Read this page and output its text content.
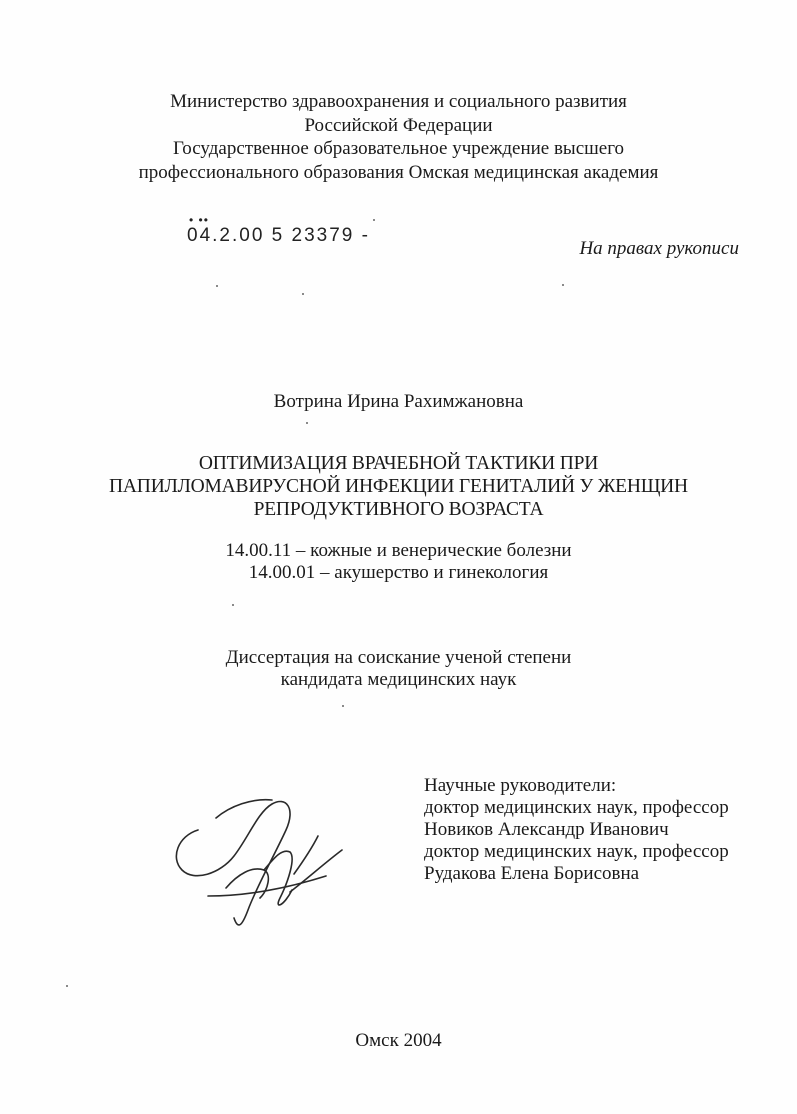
Министерство здравоохранения и социального развития
Российской Федерации
Государственное образовательное учреждение высшего
профессионального образования Омская медицинская академия
• ••
04.2.00 5 23379 -
На правах рукописи
Вотрина Ирина Рахимжановна
ОПТИМИЗАЦИЯ ВРАЧЕБНОЙ ТАКТИКИ ПРИ
ПАПИЛЛОМАВИРУСНОЙ ИНФЕКЦИИ ГЕНИТАЛИЙ У ЖЕНЩИН
РЕПРОДУКТИВНОГО ВОЗРАСТА
14.00.11 – кожные и венерические болезни
14.00.01 – акушерство и гинекология
Диссертация на соискание ученой степени
кандидата медицинских наук
Научные руководители:
доктор медицинских наук, профессор
Новиков Александр Иванович
доктор медицинских наук, профессор
Рудакова Елена Борисовна
Омск 2004
